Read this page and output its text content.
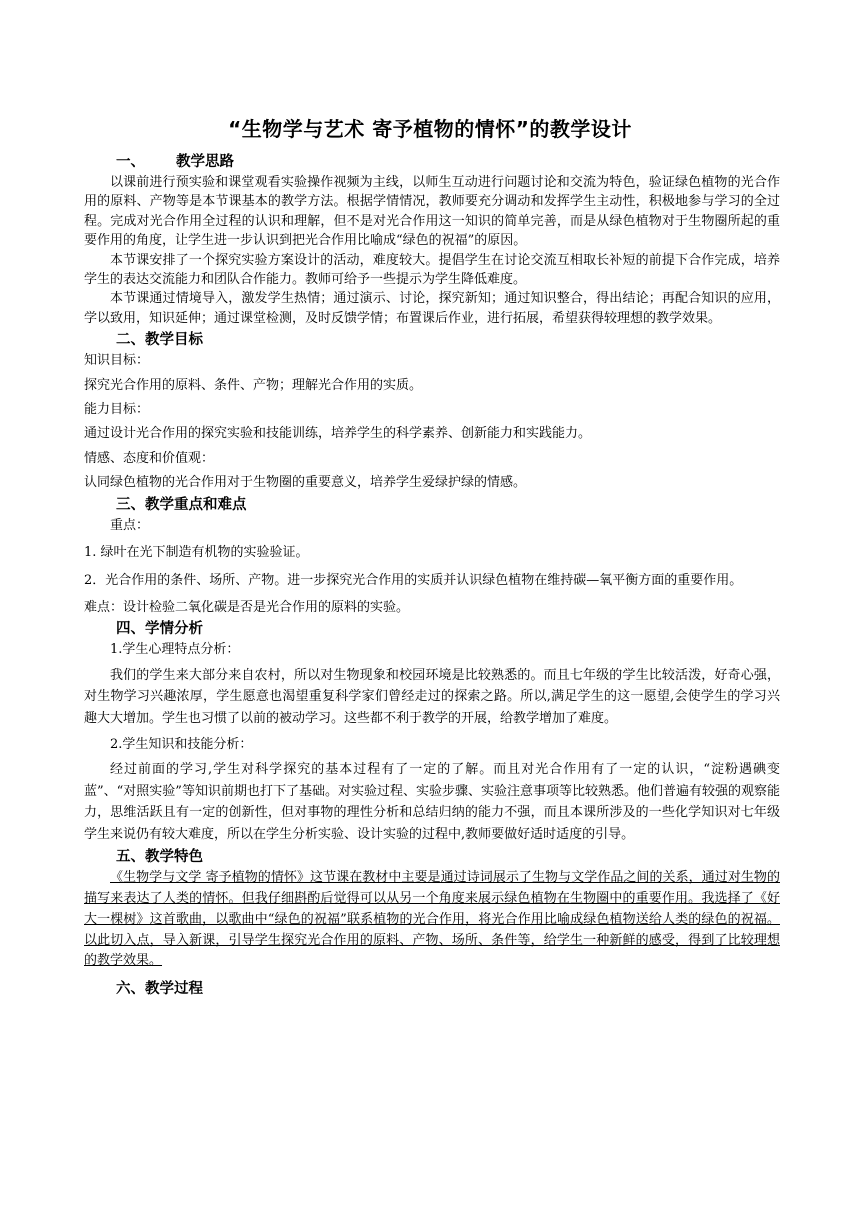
“生物学与艺术 寄予植物的情怀”的教学设计
一、 教学思路

以课前进行预实验和课堂观看实验操作视频为主线，以师生互动进行问题讨论和交流为特色，验证绿色植物的光合作用的原料、产物等是本节课基本的教学方法。根据学情情况，教师要充分调动和发挥学生主动性，积极地参与学习的全过程。完成对光合作用全过程的认识和理解，但不是对光合作用这一知识的简单完善，而是从绿色植物对于生物圈所起的重要作用的角度，让学生进一步认识到把光合作用比喻成“绿色的祝福”的原因。

本节课安排了一个探究实验方案设计的活动，难度较大。提倡学生在讨论交流互相取长补短的前提下合作完成，培养学生的表达交流能力和团队合作能力。教师可给予一些提示为学生降低难度。

本节课通过情境导入，激发学生热情；通过演示、讨论，探究新知；通过知识整合，得出结论；再配合知识的应用，学以致用，知识延伸；通过课堂检测，及时反馈学情；布置课后作业，进行拓展，希望获得较理想的教学效果。

二、教学目标

知识目标：

探究光合作用的原料、条件、产物；理解光合作用的实质。

能力目标：

通过设计光合作用的探究实验和技能训练，培养学生的科学素养、创新能力和实践能力。

情感、态度和价值观：

认同绿色植物的光合作用对于生物圈的重要意义，培养学生爱绿护绿的情感。

三、教学重点和难点

重点：

1. 绿叶在光下制造有机物的实验验证。

2．光合作用的条件、场所、产物。进一步探究光合作用的实质并认识绿色植物在维持碳—氧平衡方面的重要作用。

难点：设计检验二氧化碳是否是光合作用的原料的实验。

四、学情分析

1.学生心理特点分析：

我们的学生来大部分来自农村，所以对生物现象和校园环境是比较熟悉的。而且七年级的学生比较活泼，好奇心强，对生物学习兴趣浓厚，学生愿意也渴望重复科学家们曾经走过的探索之路。所以,满足学生的这一愿望,会使学生的学习兴趣大大增加。学生也习惯了以前的被动学习。这些都不利于教学的开展，给教学增加了难度。

2.学生知识和技能分析：

经过前面的学习,学生对科学探究的基本过程有了一定的了解。而且对光合作用有了一定的认识，“淀粉遇碘变蓝”、“对照实验”等知识前期也打下了基础。对实验过程、实验步骤、实验注意事项等比较熟悉。他们普遍有较强的观察能力，思维活跃且有一定的创新性，但对事物的理性分析和总结归纳的能力不强，而且本课所涉及的一些化学知识对七年级学生来说仍有较大难度，所以在学生分析实验、设计实验的过程中,教师要做好适时适度的引导。

五、教学特色

《生物学与文学 寄予植物的情怀》这节课在教材中主要是通过诗词展示了生物与文学作品之间的关系，通过对生物的描写来表达了人类的情怀。但我仔细斟酌后觉得可以从另一个角度来展示绿色植物在生物圈中的重要作用。我选择了《好大一棵树》这首歌曲，以歌曲中“绿色的祝福”联系植物的光合作用，将光合作用比喻成绿色植物送给人类的绿色的祝福。以此切入点，导入新课，引导学生探究光合作用的原料、产物、场所、条件等，给学生一种新鲜的感受，得到了比较理想的教学效果。

六、教学过程
